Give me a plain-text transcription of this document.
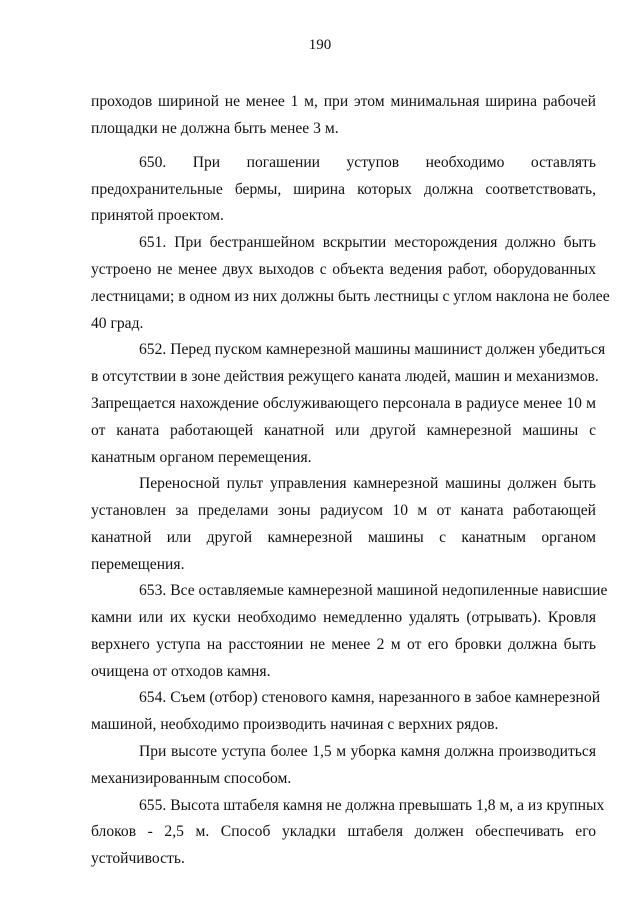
190
проходов шириной не менее 1 м, при этом минимальная ширина рабочей
площадки не должна быть менее 3 м.
650. При погашении уступов необходимо оставлять
предохранительные бермы, ширина которых должна соответствовать,
принятой проектом.
651. При бестраншейном вскрытии месторождения должно быть
устроено не менее двух выходов с объекта ведения работ, оборудованных
лестницами; в одном из них должны быть лестницы с углом наклона не более
40 град.
652. Перед пуском камнерезной машины машинист должен убедиться
в отсутствии в зоне действия режущего каната людей, машин и механизмов.
Запрещается нахождение обслуживающего персонала в радиусе менее 10 м
от каната работающей канатной или другой камнерезной машины с
канатным органом перемещения.
Переносной пульт управления камнерезной машины должен быть
установлен за пределами зоны радиусом 10 м от каната работающей
канатной или другой камнерезной машины с канатным органом
перемещения.
653. Все оставляемые камнерезной машиной недопиленные нависшие
камни или их куски необходимо немедленно удалять (отрывать). Кровля
верхнего уступа на расстоянии не менее 2 м от его бровки должна быть
очищена от отходов камня.
654. Съем (отбор) стенового камня, нарезанного в забое камнерезной
машиной, необходимо производить начиная с верхних рядов.
При высоте уступа более 1,5 м уборка камня должна производиться
механизированным способом.
655. Высота штабеля камня не должна превышать 1,8 м, а из крупных
блоков - 2,5 м. Способ укладки штабеля должен обеспечивать его
устойчивость.
